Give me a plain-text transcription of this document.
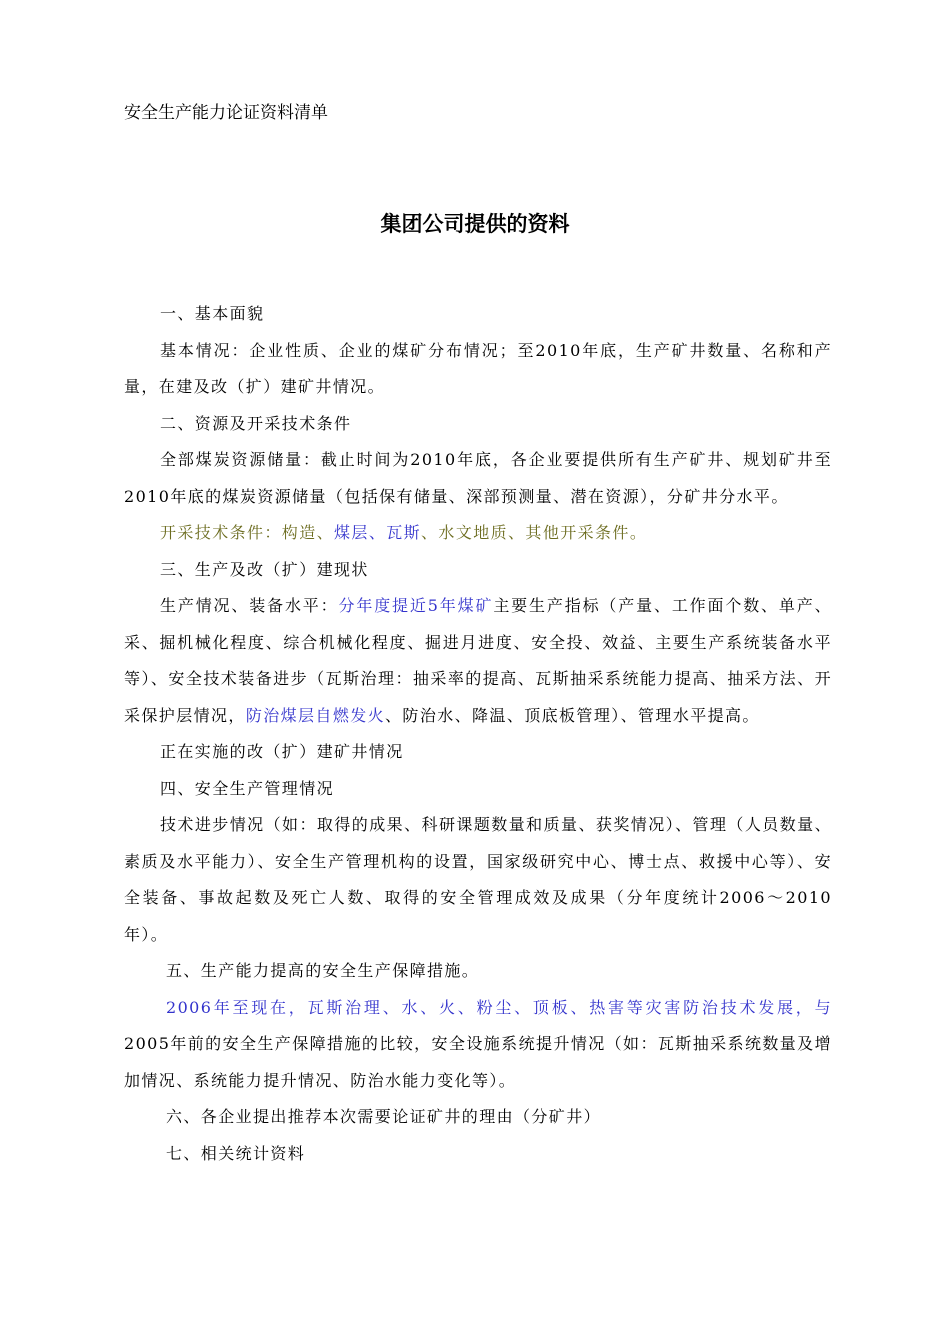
安全生产能力论证资料清单
集团公司提供的资料

一、基本面貌

基本情况：企业性质、企业的煤矿分布情况；至2010年底，生产矿井数量、名称和产量，在建及改（扩）建矿井情况。

二、资源及开采技术条件

全部煤炭资源储量：截止时间为2010年底，各企业要提供所有生产矿井、规划矿井至2010年底的煤炭资源储量（包括保有储量、深部预测量、潜在资源），分矿井分水平。

开采技术条件：构造、煤层、瓦斯、水文地质、其他开采条件。

三、生产及改（扩）建现状

生产情况、装备水平：分年度提近5年煤矿主要生产指标（产量、工作面个数、单产、采、掘机械化程度、综合机械化程度、掘进月进度、安全投、效益、主要生产系统装备水平等）、安全技术装备进步（瓦斯治理：抽采率的提高、瓦斯抽采系统能力提高、抽采方法、开采保护层情况，防治煤层自燃发火、防治水、降温、顶底板管理）、管理水平提高。

正在实施的改（扩）建矿井情况

四、安全生产管理情况

技术进步情况（如：取得的成果、科研课题数量和质量、获奖情况）、管理（人员数量、素质及水平能力）、安全生产管理机构的设置，国家级研究中心、博士点、救援中心等）、安全装备、事故起数及死亡人数、取得的安全管理成效及成果（分年度统计2006～2010年）。

五、生产能力提高的安全生产保障措施。

2006年至现在，瓦斯治理、水、火、粉尘、顶板、热害等灾害防治技术发展，与2005年前的安全生产保障措施的比较，安全设施系统提升情况（如：瓦斯抽采系统数量及增加情况、系统能力提升情况、防治水能力变化等）。

六、各企业提出推荐本次需要论证矿井的理由（分矿井）

七、相关统计资料
